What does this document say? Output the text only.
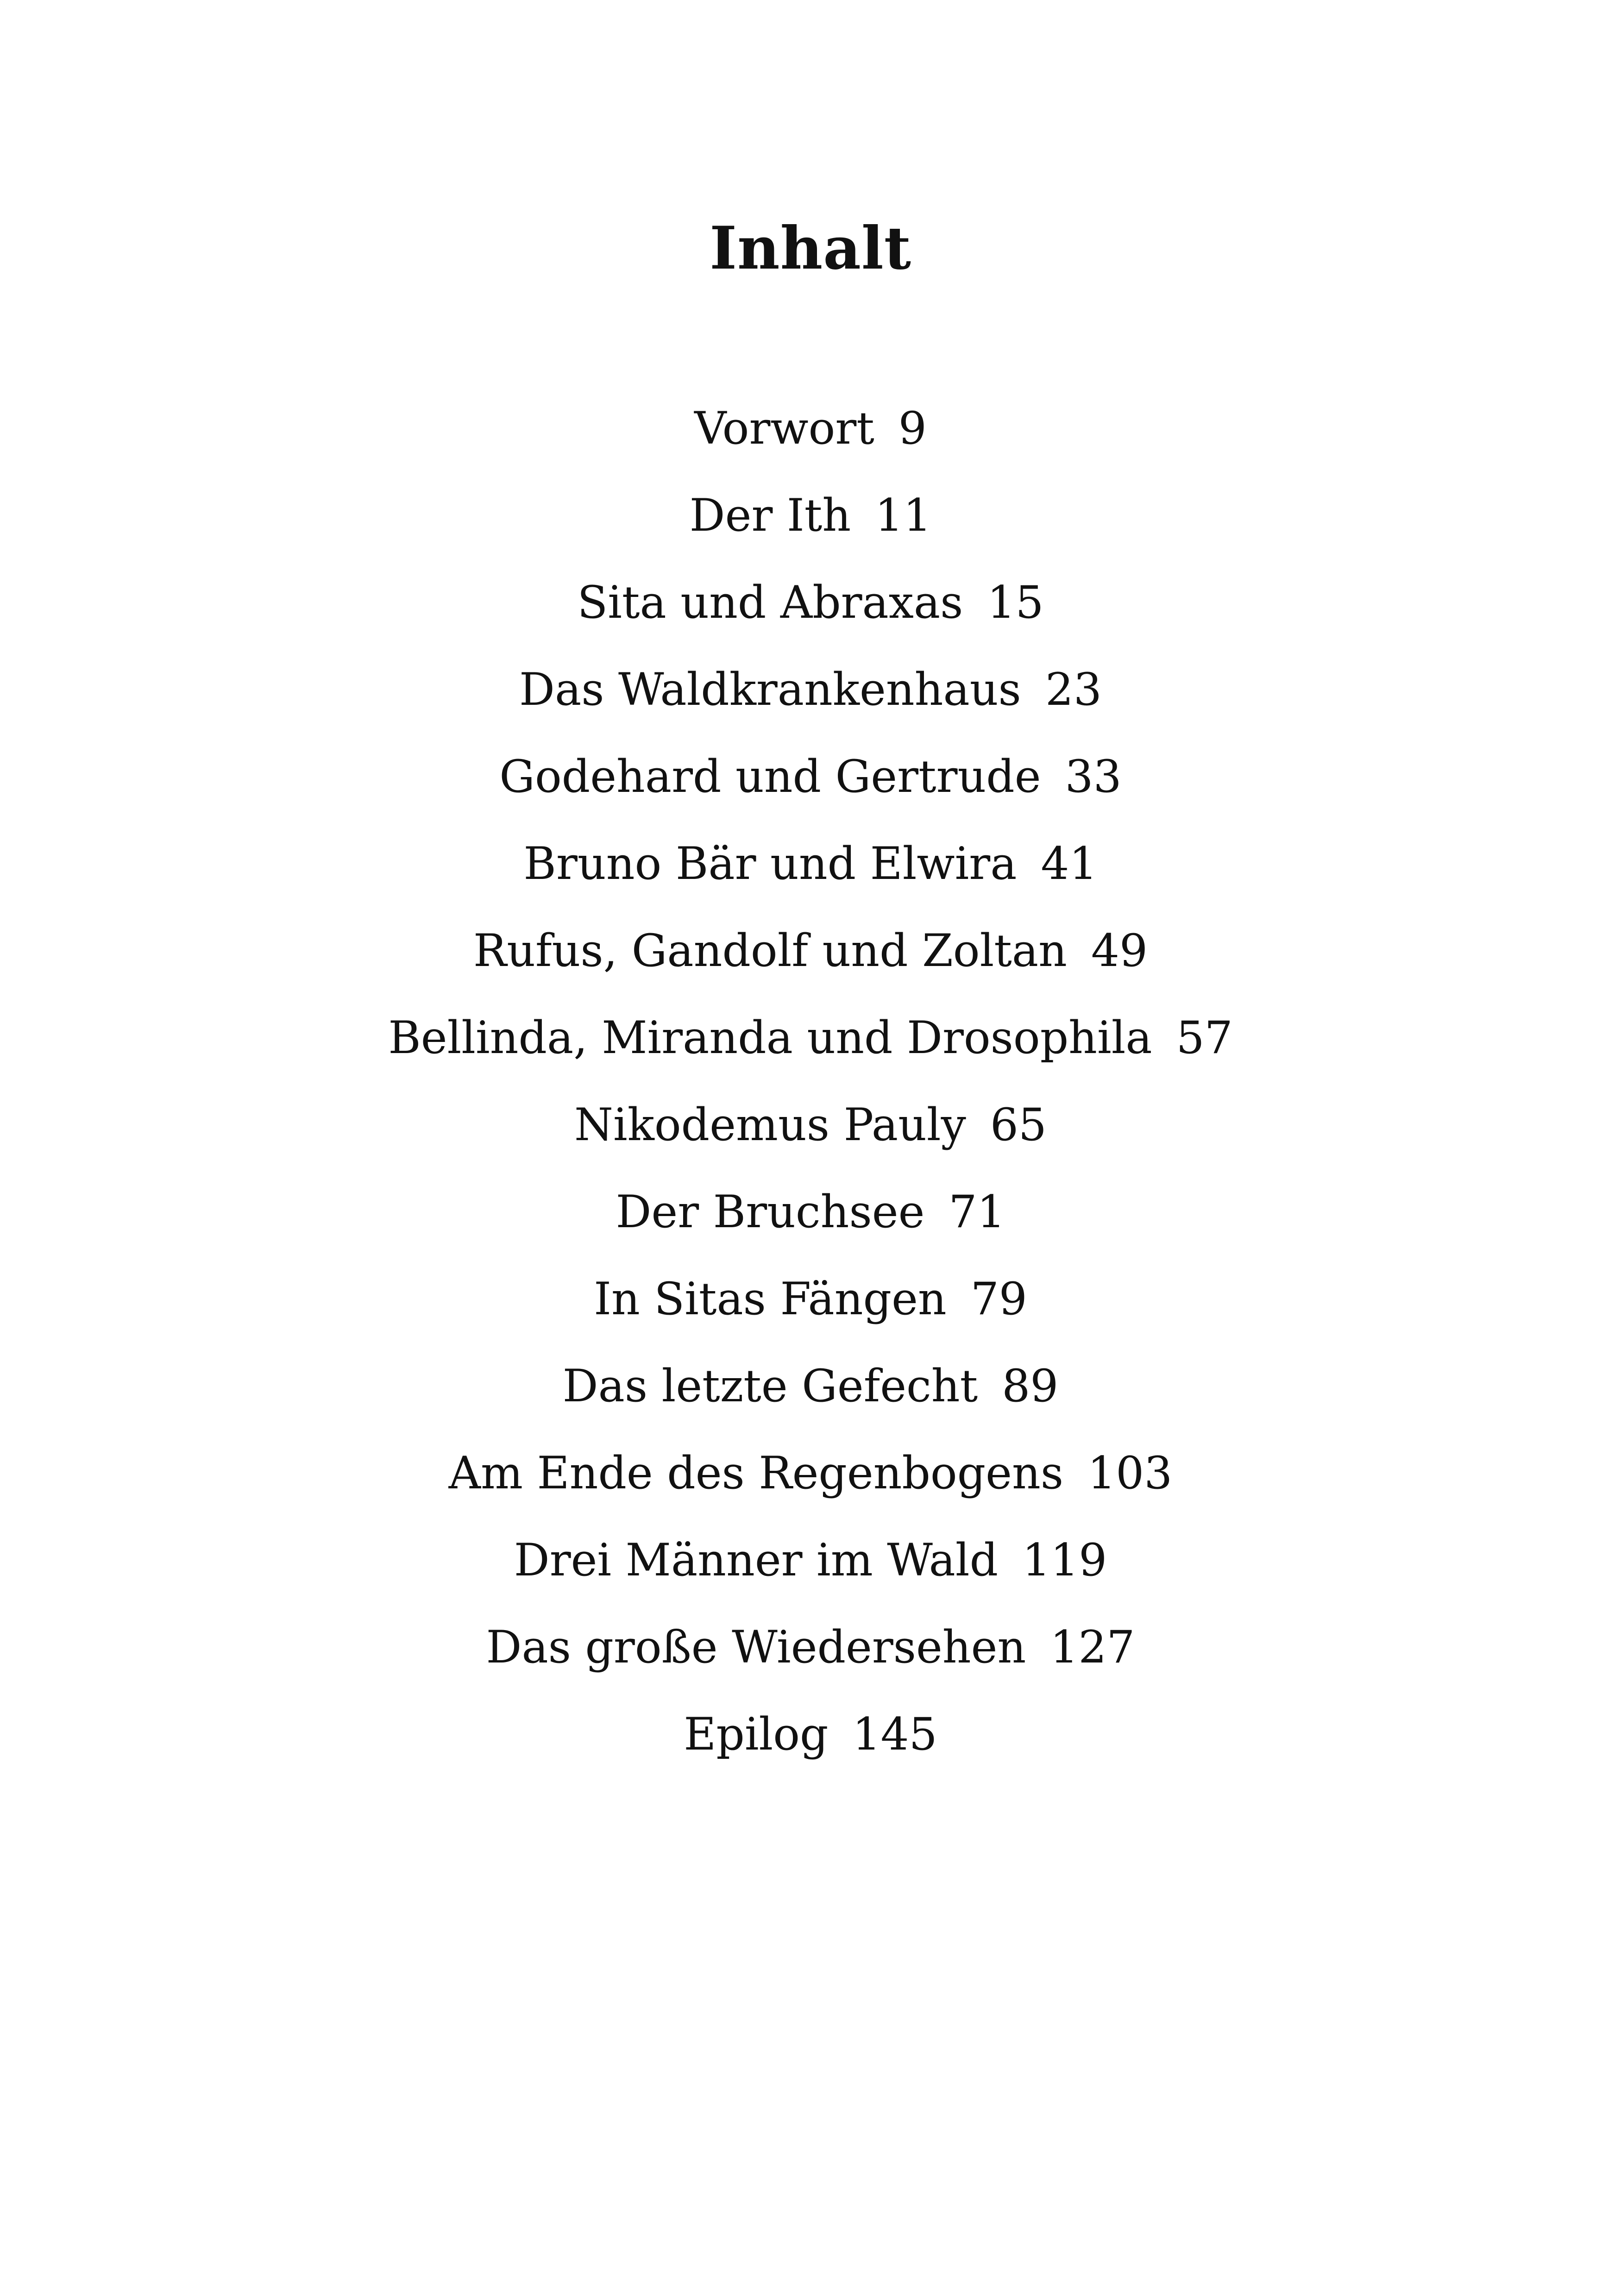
Inhalt
Vorwort 9
Der Ith 11
Sita und Abraxas 15
Das Waldkrankenhaus 23
Godehard und Gertrude 33
Bruno Bär und Elwira 41
Rufus, Gandolf und Zoltan 49
Bellinda, Miranda und Drosophila 57
Nikodemus Pauly 65
Der Bruchsee 71
In Sitas Fängen 79
Das letzte Gefecht 89
Am Ende des Regenbogens 103
Drei Männer im Wald 119
Das große Wiedersehen 127
Epilog 145
